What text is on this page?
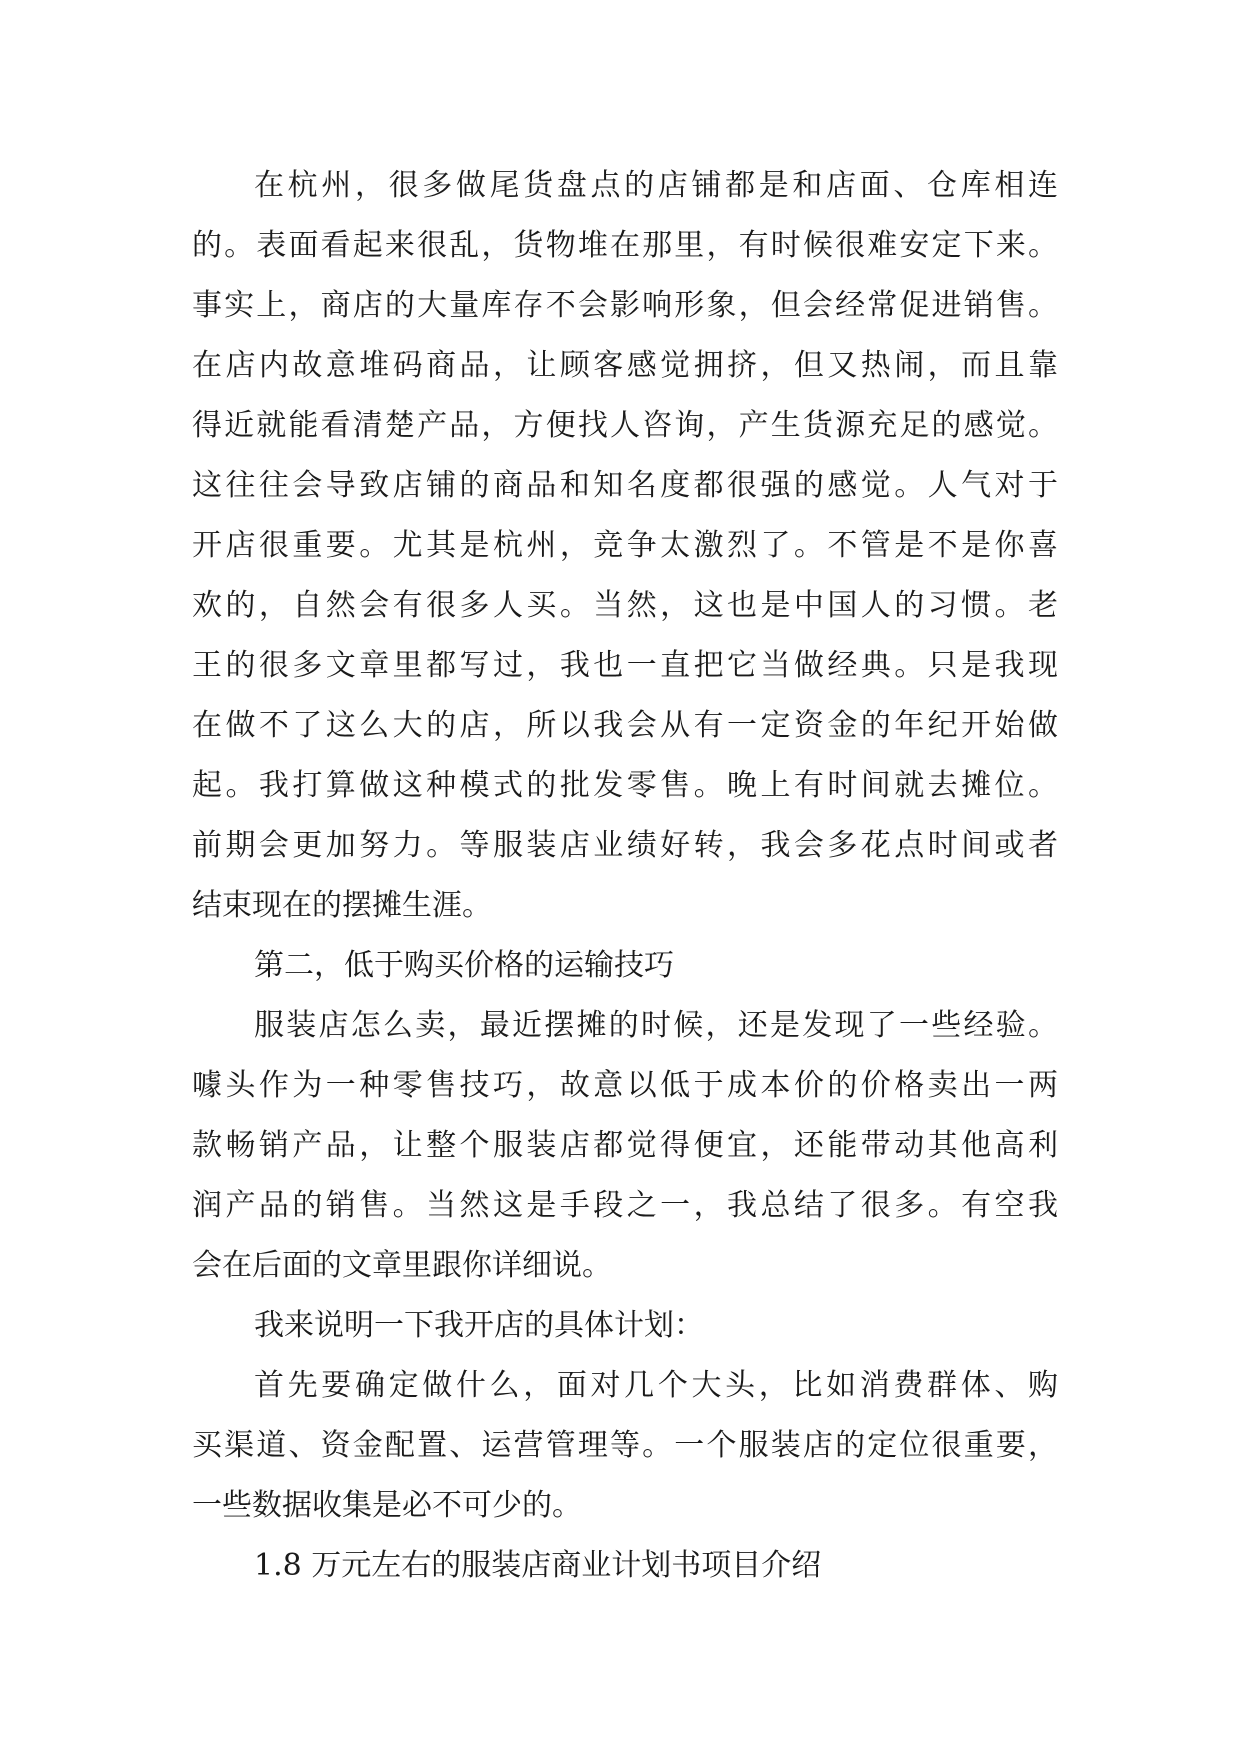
在杭州，很多做尾货盘点的店铺都是和店面、仓库相连
的。表面看起来很乱，货物堆在那里，有时候很难安定下来。
事实上，商店的大量库存不会影响形象，但会经常促进销售。
在店内故意堆码商品，让顾客感觉拥挤，但又热闹，而且靠
得近就能看清楚产品，方便找人咨询，产生货源充足的感觉。
这往往会导致店铺的商品和知名度都很强的感觉。人气对于
开店很重要。尤其是杭州，竞争太激烈了。不管是不是你喜
欢的，自然会有很多人买。当然，这也是中国人的习惯。老
王的很多文章里都写过，我也一直把它当做经典。只是我现
在做不了这么大的店，所以我会从有一定资金的年纪开始做
起。我打算做这种模式的批发零售。晚上有时间就去摊位。
前期会更加努力。等服装店业绩好转，我会多花点时间或者
结束现在的摆摊生涯。
第二，低于购买价格的运输技巧
服装店怎么卖，最近摆摊的时候，还是发现了一些经验。
噱头作为一种零售技巧，故意以低于成本价的价格卖出一两
款畅销产品，让整个服装店都觉得便宜，还能带动其他高利
润产品的销售。当然这是手段之一，我总结了很多。有空我
会在后面的文章里跟你详细说。
我来说明一下我开店的具体计划：
首先要确定做什么，面对几个大头，比如消费群体、购
买渠道、资金配置、运营管理等。一个服装店的定位很重要，
一些数据收集是必不可少的。
1.8 万元左右的服装店商业计划书项目介绍
